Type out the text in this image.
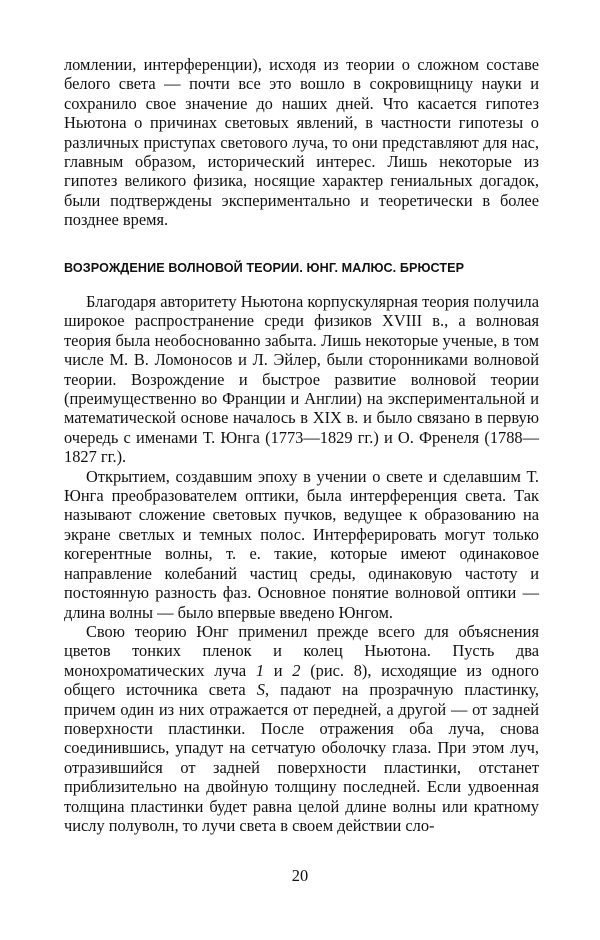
ломлении, интерференции), исходя из теории о сложном составе белого света — почти все это вошло в сокровищницу науки и сохранило свое значение до наших дней. Что касается гипотез Ньютона о причинах световых явлений, в частности гипотезы о различных приступах светового луча, то они представляют для нас, главным образом, исторический интерес. Лишь некоторые из гипотез великого физика, носящие характер гениальных догадок, были подтверждены экспериментально и теоретически в более позднее время.

ВОЗРОЖДЕНИЕ ВОЛНОВОЙ ТЕОРИИ. ЮНГ. МАЛЮС. БРЮСТЕР

Благодаря авторитету Ньютона корпускулярная теория получила широкое распространение среди физиков XVIII в., а волновая теория была необоснованно забыта. Лишь некоторые ученые, в том числе М. В. Ломоносов и Л. Эйлер, были сторонниками волновой теории. Возрождение и быстрое развитие волновой теории (преимущественно во Франции и Англии) на экспериментальной и математической основе началось в XIX в. и было связано в первую очередь с именами Т. Юнга (1773—1829 гг.) и О. Френеля (1788—1827 гг.).

Открытием, создавшим эпоху в учении о свете и сделавшим Т. Юнга преобразователем оптики, была интерференция света. Так называют сложение световых пучков, ведущее к образованию на экране светлых и темных полос. Интерферировать могут только когерентные волны, т. е. такие, которые имеют одинаковое направление колебаний частиц среды, одинаковую частоту и постоянную разность фаз. Основное понятие волновой оптики — длина волны — было впервые введено Юнгом.

Свою теорию Юнг применил прежде всего для объяснения цветов тонких пленок и колец Ньютона. Пусть два монохроматических луча 1 и 2 (рис. 8), исходящие из одного общего источника света S, падают на прозрачную пластинку, причем один из них отражается от передней, а другой — от задней поверхности пластинки. После отражения оба луча, снова соединившись, упадут на сетчатую оболочку глаза. При этом луч, отразившийся от задней поверхности пластинки, отстанет приблизительно на двойную толщину последней. Если удвоенная толщина пластинки будет равна целой длине волны или кратному числу полуволн, то лучи света в своем действии сло-

20
